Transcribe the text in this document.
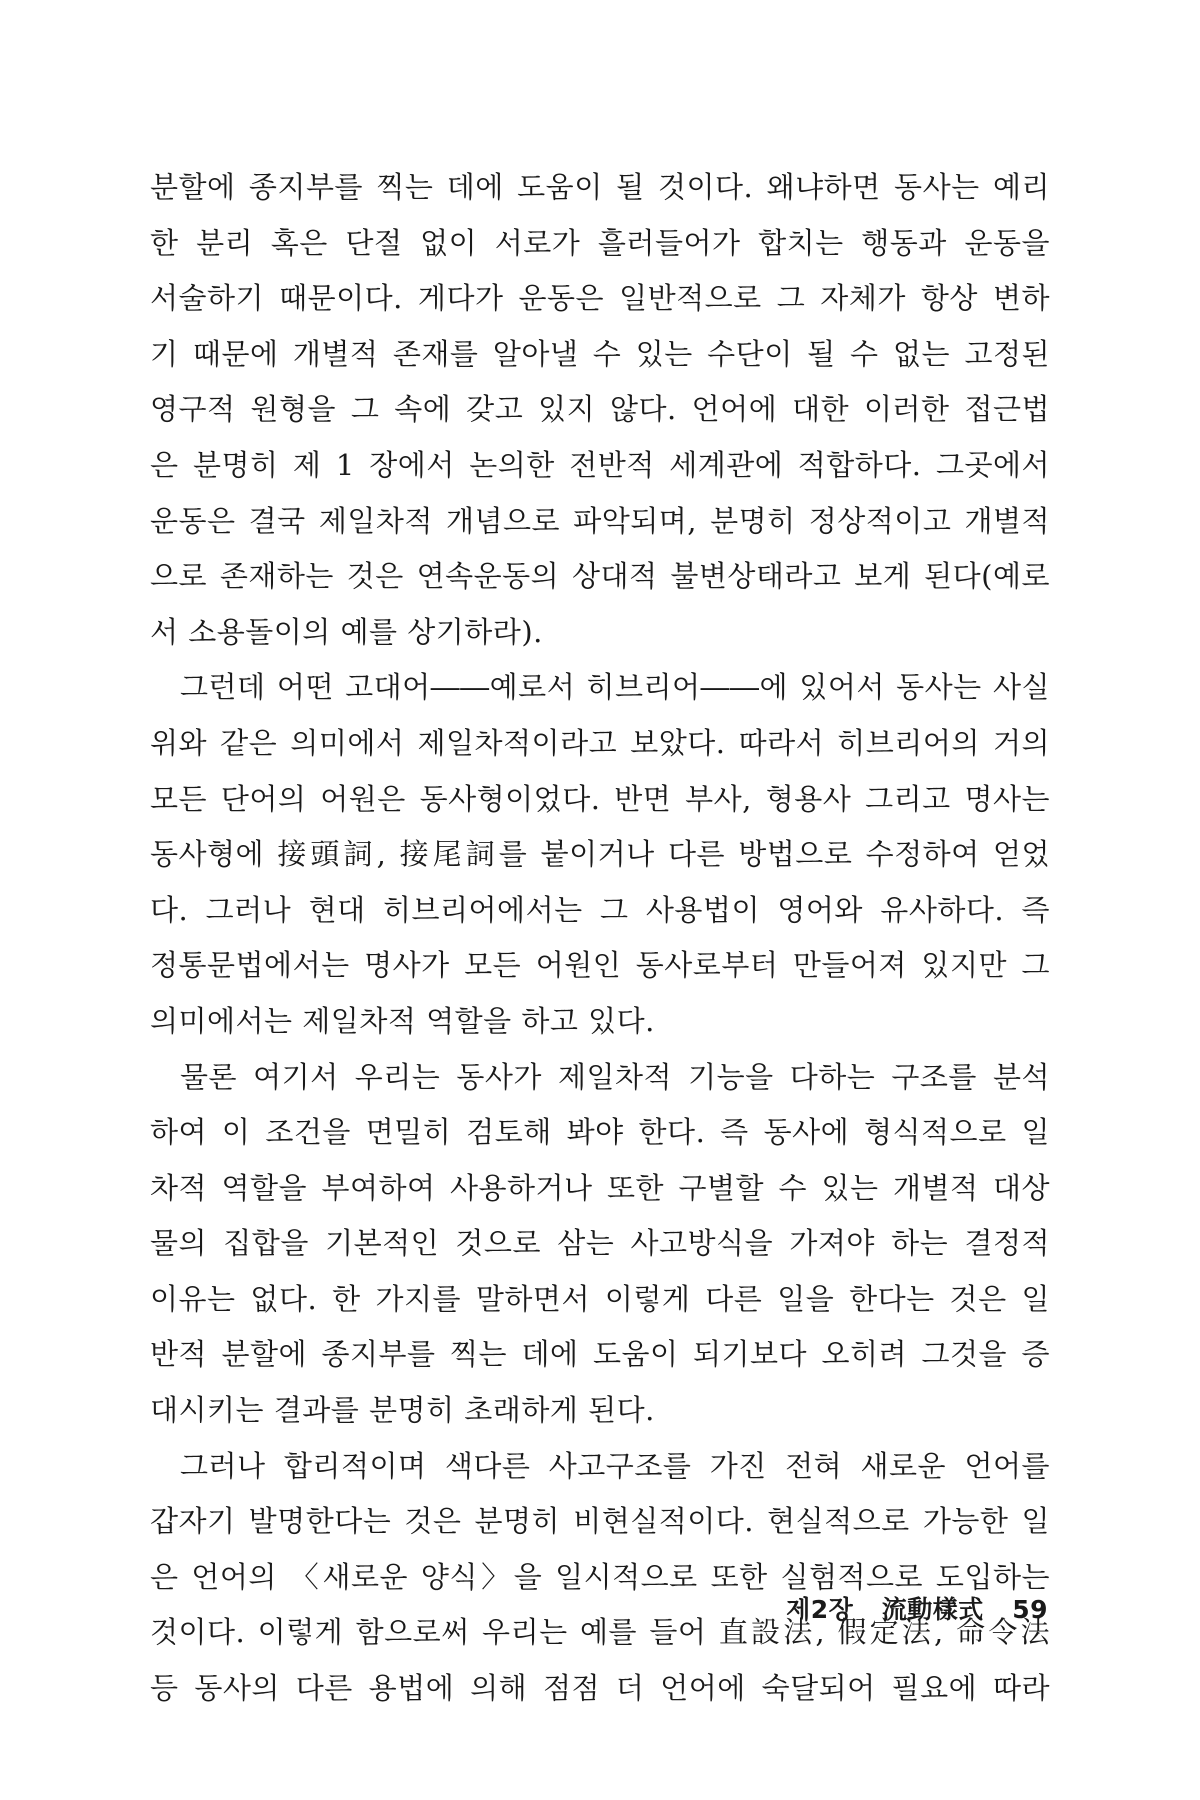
분할에 종지부를 찍는 데에 도움이 될 것이다. 왜냐하면 동사는 예리
한 분리 혹은 단절 없이 서로가 흘러들어가 합치는 행동과 운동을
서술하기 때문이다. 게다가 운동은 일반적으로 그 자체가 항상 변하
기 때문에 개별적 존재를 알아낼 수 있는 수단이 될 수 없는 고정된
영구적 원형을 그 속에 갖고 있지 않다. 언어에 대한 이러한 접근법
은 분명히 제 1 장에서 논의한 전반적 세계관에 적합하다. 그곳에서
운동은 결국 제일차적 개념으로 파악되며, 분명히 정상적이고 개별적
으로 존재하는 것은 연속운동의 상대적 불변상태라고 보게 된다(예로
서 소용돌이의 예를 상기하라).
그런데 어떤 고대어――예로서 히브리어――에 있어서 동사는 사실
위와 같은 의미에서 제일차적이라고 보았다. 따라서 히브리어의 거의
모든 단어의 어원은 동사형이었다. 반면 부사, 형용사 그리고 명사는
동사형에 接頭詞, 接尾詞를 붙이거나 다른 방법으로 수정하여 얻었
다. 그러나 현대 히브리어에서는 그 사용법이 영어와 유사하다. 즉
정통문법에서는 명사가 모든 어원인 동사로부터 만들어져 있지만 그
의미에서는 제일차적 역할을 하고 있다.
물론 여기서 우리는 동사가 제일차적 기능을 다하는 구조를 분석
하여 이 조건을 면밀히 검토해 봐야 한다. 즉 동사에 형식적으로 일
차적 역할을 부여하여 사용하거나 또한 구별할 수 있는 개별적 대상
물의 집합을 기본적인 것으로 삼는 사고방식을 가져야 하는 결정적
이유는 없다. 한 가지를 말하면서 이렇게 다른 일을 한다는 것은 일
반적 분할에 종지부를 찍는 데에 도움이 되기보다 오히려 그것을 증
대시키는 결과를 분명히 초래하게 된다.
그러나 합리적이며 색다른 사고구조를 가진 전혀 새로운 언어를
갑자기 발명한다는 것은 분명히 비현실적이다. 현실적으로 가능한 일
은 언어의 〈새로운 양식〉을 일시적으로 또한 실험적으로 도입하는
것이다. 이렇게 함으로써 우리는 예를 들어 直設法, 假定法, 命令法
등 동사의 다른 용법에 의해 점점 더 언어에 숙달되어 필요에 따라
제2장 流動樣式 59
